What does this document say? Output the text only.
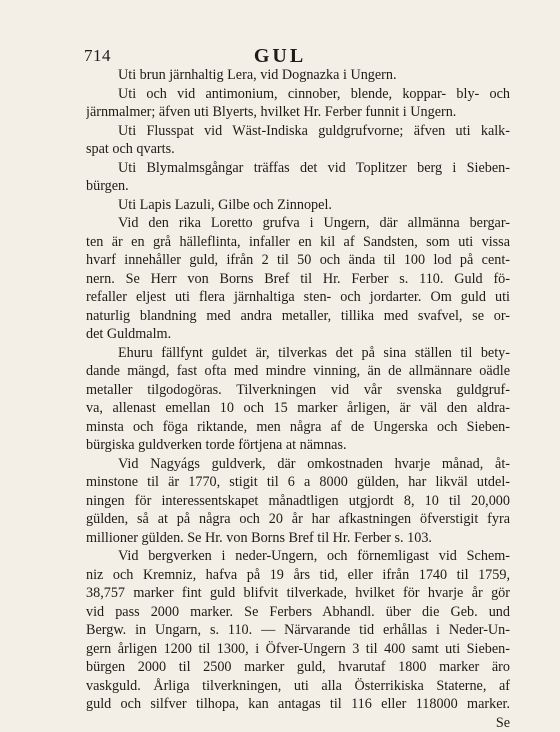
714	GUL
Uti brun järnhaltig Lera, vid Dognazka i Ungern.
Uti och vid antimonium, cinnober, blende, koppar- bly- och
järnmalmer; äfven uti Blyerts, hvilket Hr. Ferber funnit i Ungern.
Uti Flusspat vid Wäst-Indiska guldgrufvorne; äfven uti kalk-
spat och qvarts.
Uti Blymalmsgångar träffas det vid Toplitzer berg i Sieben-
bürgen.
Uti Lapis Lazuli, Gilbe och Zinnopel.
Vid den rika Loretto grufva i Ungern, där allmänna bergar-
ten är en grå hälleflinta, infaller en kil af Sandsten, som uti vissa
hvarf innehåller guld, ifrån 2 til 50 och ända til 100 lod på cent-
nern. Se Herr von Borns Bref til Hr. Ferber s. 110. Guld fö-
refaller eljest uti flera järnhaltiga sten- och jordarter. Om guld uti
naturlig blandning med andra metaller, tillika med svafvel, se or-
det Guldmalm.
Ehuru fällfynt guldet är, tilverkas det på sina ställen til bety-
dande mängd, fast ofta med mindre vinning, än de allmännare oädle
metaller tilgodogöras. Tilverkningen vid vår svenska guldgruf-
va, allenast emellan 10 och 15 marker årligen, är väl den aldra-
minsta och föga riktande, men några af de Ungerska och Sieben-
bürgiska guldverken torde förtjena at nämnas.
Vid Nagyágs guldverk, där omkostnaden hvarje månad, åt-
minstone til är 1770, stigit til 6 a 8000 gülden, har likväl utdel-
ningen för interessentskapet månadtligen utgjordt 8, 10 til 20,000
gülden, så at på några och 20 år har afkastningen öfverstigit fyra
millioner gülden. Se Hr. von Borns Bref til Hr. Ferber s. 103.
Vid bergverken i neder-Ungern, och förnemligast vid Schem-
niz och Kremniz, hafva på 19 års tid, eller ifrån 1740 til 1759,
38,757 marker fint guld blifvit tilverkade, hvilket för hvarje år gör
vid pass 2000 marker. Se Ferbers Abhandl. über die Geb. und
Bergw. in Ungarn, s. 110. — Närvarande tid erhållas i Neder-Un-
gern årligen 1200 til 1300, i Öfver-Ungern 3 til 400 samt uti Sieben-
bürgen 2000 til 2500 marker guld, hvarutaf 1800 marker äro
vaskguld. Årliga tilverkningen, uti alla Österrikiska Staterne, af
guld och silfver tilhopa, kan antagas til 116 eller 118000 marker.
Se
